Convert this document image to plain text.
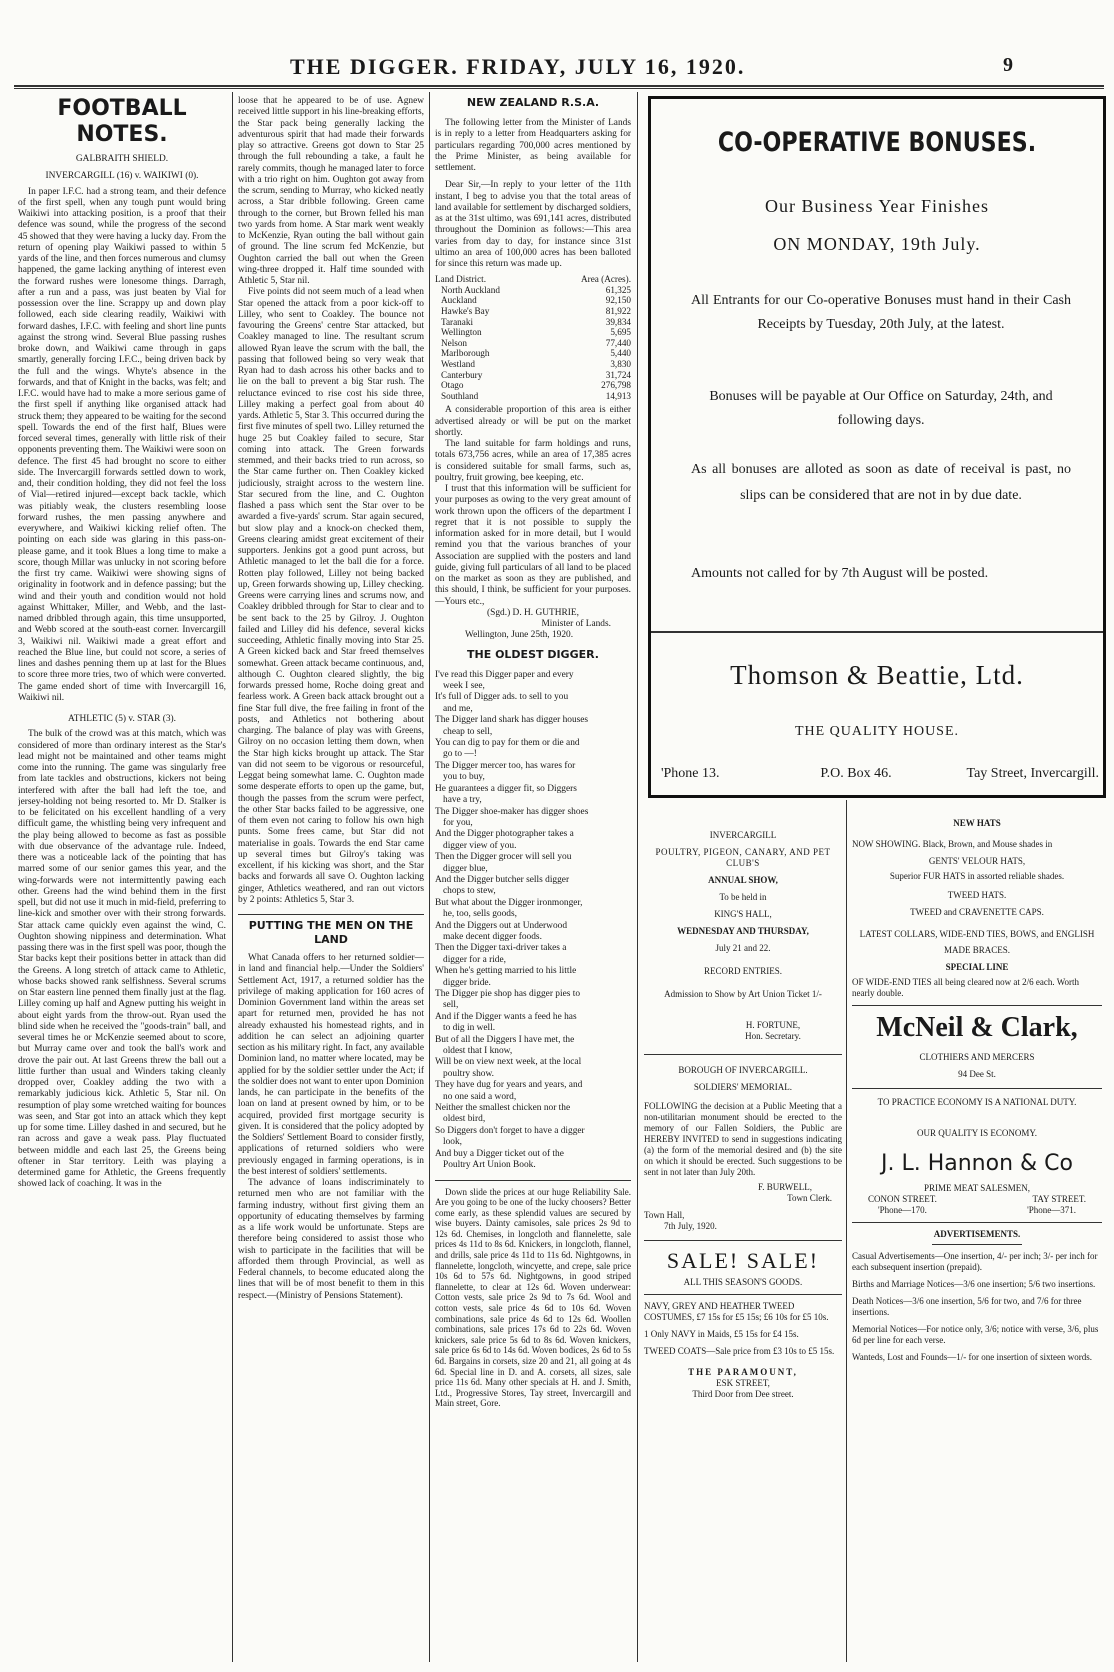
THE DIGGER. FRIDAY, JULY 16, 1920.	9

FOOTBALL NOTES.

GALBRAITH SHIELD.

INVERCARGILL (16) v. WAIKIWI (0).

In paper I.F.C. had a strong team, and their defence of the first spell, when any tough punt would bring Waikiwi into attacking position, is a proof that their defence was sound, while the progress of the second 45 showed that they were having a lucky day. From the return of opening play Waikiwi passed to within 5 yards of the line, and then forces numerous and clumsy happened, the game lacking anything of interest even the forward rushes were lonesome things. Darragh, after a run and a pass, was just beaten by Vial for possession over the line. Scrappy up and down play followed, each side clearing readily, Waikiwi with forward dashes, I.F.C. with feeling and short line punts against the strong wind. Several Blue passing rushes broke down, and Waikiwi came through in gaps smartly, generally forcing I.F.C., being driven back by the full and the wings. Whyte's absence in the forwards, and that of Knight in the backs, was felt; and I.F.C. would have had to make a more serious game of the first spell if anything like organised attack had struck them; they appeared to be waiting for the second spell. Towards the end of the first half, Blues were forced several times, generally with little risk of their opponents preventing them. The Waikiwi were soon on defence. The first 45 had brought no score to either side. The Invercargill forwards settled down to work, and, their condition holding, they did not feel the loss of Vial—retired injured—except back tackle, which was pitiably weak, the clusters resembling loose forward rushes, the men passing anywhere and everywhere, and Waikiwi kicking relief often. The pointing on each side was glaring in this pass-on-please game, and it took Blues a long time to make a score, though Millar was unlucky in not scoring before the first try came. Waikiwi were showing signs of originality in footwork and in defence passing; but the wind and their youth and condition would not hold against Whittaker, Miller, and Webb, and the last-named dribbled through again, this time unsupported, and Webb scored at the south-east corner. Invercargill 3, Waikiwi nil. Waikiwi made a great effort and reached the Blue line, but could not score, a series of lines and dashes penning them up at last for the Blues to score three more tries, two of which were converted. The game ended short of time with Invercargill 16, Waikiwi nil.

ATHLETIC (5) v. STAR (3).

The bulk of the crowd was at this match, which was considered of more than ordinary interest as the Star's lead might not be maintained and other teams might come into the running. The game was singularly free from late tackles and obstructions, kickers not being interfered with after the ball had left the toe, and jersey-holding not being resorted to. Mr D. Stalker is to be felicitated on his excellent handling of a very difficult game, the whistling being very infrequent and the play being allowed to become as fast as possible with due observance of the advantage rule. Indeed, there was a noticeable lack of the pointing that has marred some of our senior games this year, and the wing-forwards were not intermittently pawing each other. Greens had the wind behind them in the first spell, but did not use it much in mid-field, preferring to line-kick and smother over with their strong forwards. Star attack came quickly even against the wind, C. Oughton showing nippiness and determination. What passing there was in the first spell was poor, though the Star backs kept their positions better in attack than did the Greens. A long stretch of attack came to Athletic, whose backs showed rank selfishness. Several scrums on Star eastern line penned them finally just at the flag. Lilley coming up half and Agnew putting his weight in about eight yards from the throw-out. Ryan used the blind side when he received the "goods-train" ball, and several times he or McKenzie seemed about to score, but Murray came over and took the ball's work and drove the pair out. At last Greens threw the ball out a little further than usual and Winders taking cleanly dropped over, Coakley adding the two with a remarkably judicious kick. Athletic 5, Star nil. On resumption of play some wretched waiting for bounces was seen, and Star got into an attack which they kept up for some time. Lilley dashed in and secured, but he ran across and gave a weak pass. Play fluctuated between middle and each last 25, the Greens being oftener in Star territory. Leith was playing a determined game for Athletic, the Greens frequently showed lack of coaching. It was in the

loose that he appeared to be of use. Agnew received little support in his line-breaking efforts, the Star pack being generally lacking the adventurous spirit that had made their forwards play so attractive. Greens got down to Star 25 through the full rebounding a take, a fault he rarely commits, though he managed later to force with a trio right on him. Oughton got away from the scrum, sending to Murray, who kicked neatly across, a Star dribble following. Green came through to the corner, but Brown felled his man two yards from home. A Star mark went weakly to McKenzie, Ryan outing the ball without gain of ground. The line scrum fed McKenzie, but Oughton carried the ball out when the Green wing-three dropped it. Half time sounded with Athletic 5, Star nil.

Five points did not seem much of a lead when Star opened the attack from a poor kick-off to Lilley, who sent to Coakley. The bounce not favouring the Greens' centre Star attacked, but Coakley managed to line. The resultant scrum allowed Ryan leave the scrum with the ball, the passing that followed being so very weak that Ryan had to dash across his other backs and to lie on the ball to prevent a big Star rush. The reluctance evinced to rise cost his side three, Lilley making a perfect goal from about 40 yards. Athletic 5, Star 3. This occurred during the first five minutes of spell two. Lilley returned the huge 25 but Coakley failed to secure, Star coming into attack. The Green forwards stemmed, and their backs tried to run across, so the Star came further on. Then Coakley kicked judiciously, straight across to the western line. Star secured from the line, and C. Oughton flashed a pass which sent the Star over to be awarded a five-yards' scrum. Star again secured, but slow play and a knock-on checked them, Greens clearing amidst great excitement of their supporters. Jenkins got a good punt across, but Athletic managed to let the ball die for a force. Rotten play followed, Lilley not being backed up, Green forwards showing up, Lilley checking. Greens were carrying lines and scrums now, and Coakley dribbled through for Star to clear and to be sent back to the 25 by Gilroy. J. Oughton failed and Lilley did his defence, several kicks succeeding, Athletic finally moving into Star 25. A Green kicked back and Star freed themselves somewhat. Green attack became continuous, and, although C. Oughton cleared slightly, the big forwards pressed home, Roche doing great and fearless work. A Green back attack brought out a fine Star full dive, the free failing in front of the posts, and Athletics not bothering about charging. The balance of play was with Greens, Gilroy on no occasion letting them down, when the Star high kicks brought up attack. The Star van did not seem to be vigorous or resourceful, Leggat being somewhat lame. C. Oughton made some desperate efforts to open up the game, but, though the passes from the scrum were perfect, the other Star backs failed to be aggressive, one of them even not caring to follow his own high punts. Some frees came, but Star did not materialise in goals. Towards the end Star came up several times but Gilroy's taking was excellent, if his kicking was short, and the Star backs and forwards all save O. Oughton lacking ginger, Athletics weathered, and ran out victors by 2 points: Athletics 5, Star 3.

PUTTING THE MEN ON THE LAND

What Canada offers to her returned soldier—in land and financial help.—Under the Soldiers' Settlement Act, 1917, a returned soldier has the privilege of making application for 160 acres of Dominion Government land within the areas set apart for returned men, provided he has not already exhausted his homestead rights, and in addition he can select an adjoining quarter section as his military right. In fact, any available Dominion land, no matter where located, may be applied for by the soldier settler under the Act; if the soldier does not want to enter upon Dominion lands, he can participate in the benefits of the loan on land at present owned by him, or to be acquired, provided first mortgage security is given. It is considered that the policy adopted by the Soldiers' Settlement Board to consider firstly, applications of returned soldiers who were previously engaged in farming operations, is in the best interest of soldiers' settlements.

The advance of loans indiscriminately to returned men who are not familiar with the farming industry, without first giving them an opportunity of educating themselves by farming as a life work would be unfortunate. Steps are therefore being considered to assist those who wish to participate in the facilities that will be afforded them through Provincial, as well as Federal channels, to become educated along the lines that will be of most benefit to them in this respect.—(Ministry of Pensions Statement).

NEW ZEALAND R.S.A.

The following letter from the Minister of Lands is in reply to a letter from Headquarters asking for particulars regarding 700,000 acres mentioned by the Prime Minister, as being available for settlement.

Dear Sir,—In reply to your letter of the 11th instant, I beg to advise you that the total areas of land available for settlement by discharged soldiers, as at the 31st ultimo, was 691,141 acres, distributed throughout the Dominion as follows:—This area varies from day to day, for instance since 31st ultimo an area of 100,000 acres has been balloted for since this return was made up.

Land District.	Area (Acres).
North Auckland	61,325
Auckland	92,150
Hawke's Bay	81,922
Taranaki	39,834
Wellington	5,695
Nelson	77,440
Marlborough	5,440
Westland	3,830
Canterbury	31,724
Otago	276,798
Southland	14,913

A considerable proportion of this area is either advertised already or will be put on the market shortly.

The land suitable for farm holdings and runs, totals 673,756 acres, while an area of 17,385 acres is considered suitable for small farms, such as, poultry, fruit growing, bee keeping, etc.

I trust that this information will be sufficient for your purposes as owing to the very great amount of work thrown upon the officers of the department I regret that it is not possible to supply the information asked for in more detail, but I would remind you that the various branches of your Association are supplied with the posters and land guide, giving full particulars of all land to be placed on the market as soon as they are published, and this should, I think, be sufficient for your purposes.—Yours etc.,

(Sgd.) D. H. GUTHRIE,

Minister of Lands.

Wellington, June 25th, 1920.

THE OLDEST DIGGER.

I've read this Digger paper and every
week I see,
It's full of Digger ads. to sell to you
and me,
The Digger land shark has digger houses
cheap to sell,
You can dig to pay for them or die and
go to —!
The Digger mercer too, has wares for
you to buy,
He guarantees a digger fit, so Diggers
have a try,
The Digger shoe-maker has digger shoes
for you,
And the Digger photographer takes a
digger view of you.
Then the Digger grocer will sell you
digger blue,
And the Digger butcher sells digger
chops to stew,
But what about the Digger ironmonger,
he, too, sells goods,
And the Diggers out at Underwood
make decent digger foods.
Then the Digger taxi-driver takes a
digger for a ride,
When he's getting married to his little
digger bride.
The Digger pie shop has digger pies to
sell,
And if the Digger wants a feed he has
to dig in well.
But of all the Diggers I have met, the
oldest that I know,
Will be on view next week, at the local
poultry show.
They have dug for years and years, and
no one said a word,
Neither the smallest chicken nor the
oldest bird,
So Diggers don't forget to have a digger
look,
And buy a Digger ticket out of the
Poultry Art Union Book.

Down slide the prices at our huge Reliability Sale. Are you going to be one of the lucky choosers? Better come early, as these splendid values are secured by wise buyers. Dainty camisoles, sale prices 2s 9d to 12s 6d. Chemises, in longcloth and flannelette, sale prices 4s 11d to 8s 6d. Knickers, in longcloth, flannel, and drills, sale price 4s 11d to 11s 6d. Nightgowns, in flannelette, longcloth, wincyette, and crepe, sale price 10s 6d to 57s 6d. Nightgowns, in good striped flannelette, to clear at 12s 6d. Woven underwear: Cotton vests, sale price 2s 9d to 7s 6d. Wool and cotton vests, sale price 4s 6d to 10s 6d. Woven combinations, sale price 4s 6d to 12s 6d. Woollen combinations, sale prices 17s 6d to 22s 6d. Woven knickers, sale price 5s 6d to 8s 6d. Woven knickers, sale price 6s 6d to 14s 6d. Woven bodices, 2s 6d to 5s 6d. Bargains in corsets, size 20 and 21, all going at 4s 6d. Special line in D. and A. corsets, all sizes, sale price 11s 6d. Many other specials at H. and J. Smith, Ltd., Progressive Stores, Tay street, Invercargill and Main street, Gore.

CO-OPERATIVE BONUSES.
Our Business Year Finishes
ON MONDAY, 19th July.
All Entrants for our Co-operative Bonuses must hand in their Cash Receipts by Tuesday, 20th July, at the latest.
Bonuses will be payable at Our Office on Saturday, 24th, and following days.
As all bonuses are alloted as soon as date of receival is past, no slips can be considered that are not in by due date.
Amounts not called for by 7th August will be posted.
Thomson & Beattie, Ltd.
THE QUALITY HOUSE.
'Phone 13.	P.O. Box 46.	Tay Street, Invercargill.
INVERCARGILL
POULTRY, PIGEON, CANARY, AND PET CLUB'S
ANNUAL SHOW,
To be held in
KING'S HALL,
WEDNESDAY AND THURSDAY,
July 21 and 22.
RECORD ENTRIES.
Admission to Show by Art Union Ticket 1/-
H. FORTUNE,
Hon. Secretary.
BOROUGH OF INVERCARGILL.
SOLDIERS' MEMORIAL.
FOLLOWING the decision at a Public Meeting that a non-utilitarian monument should be erected to the memory of our Fallen Soldiers, the Public are HEREBY INVITED to send in suggestions indicating (a) the form of the memorial desired and (b) the site on which it should be erected. Such suggestions to be sent in not later than July 20th.
F. BURWELL,
Town Clerk.
Town Hall,
7th July, 1920.
SALE! SALE!
ALL THIS SEASON'S GOODS.
NAVY, GREY AND HEATHER TWEED COSTUMES, £7 15s for £5 15s; £6 10s for £5 10s.
1 Only NAVY in Maids, £5 15s for £4 15s.
TWEED COATS—Sale price from £3 10s to £5 15s.
THE PARAMOUNT,
ESK STREET,
Third Door from Dee street.
NEW HATS
NOW SHOWING. Black, Brown, and Mouse shades in
GENTS' VELOUR HATS,
Superior FUR HATS in assorted reliable shades.
TWEED HATS.
TWEED and CRAVENETTE CAPS.
LATEST COLLARS, WIDE-END TIES, BOWS, and ENGLISH MADE BRACES.
SPECIAL LINE
OF WIDE-END TIES all being cleared now at 2/6 each. Worth nearly double.
McNeil & Clark,
CLOTHIERS AND MERCERS
94 Dee St.
TO PRACTICE ECONOMY IS A NATIONAL DUTY.
OUR QUALITY IS ECONOMY.
J. L. Hannon & Co
PRIME MEAT SALESMEN,
CONON STREET.	TAY STREET.
'Phone—170.	'Phone—371.
ADVERTISEMENTS.
Casual Advertisements—One insertion, 4/- per inch; 3/- per inch for each subsequent insertion (prepaid).
Births and Marriage Notices—3/6 one insertion; 5/6 two insertions.
Death Notices—3/6 one insertion, 5/6 for two, and 7/6 for three insertions.
Memorial Notices—For notice only, 3/6; notice with verse, 3/6, plus 6d per line for each verse.
Wanteds, Lost and Founds—1/- for one insertion of sixteen words.
